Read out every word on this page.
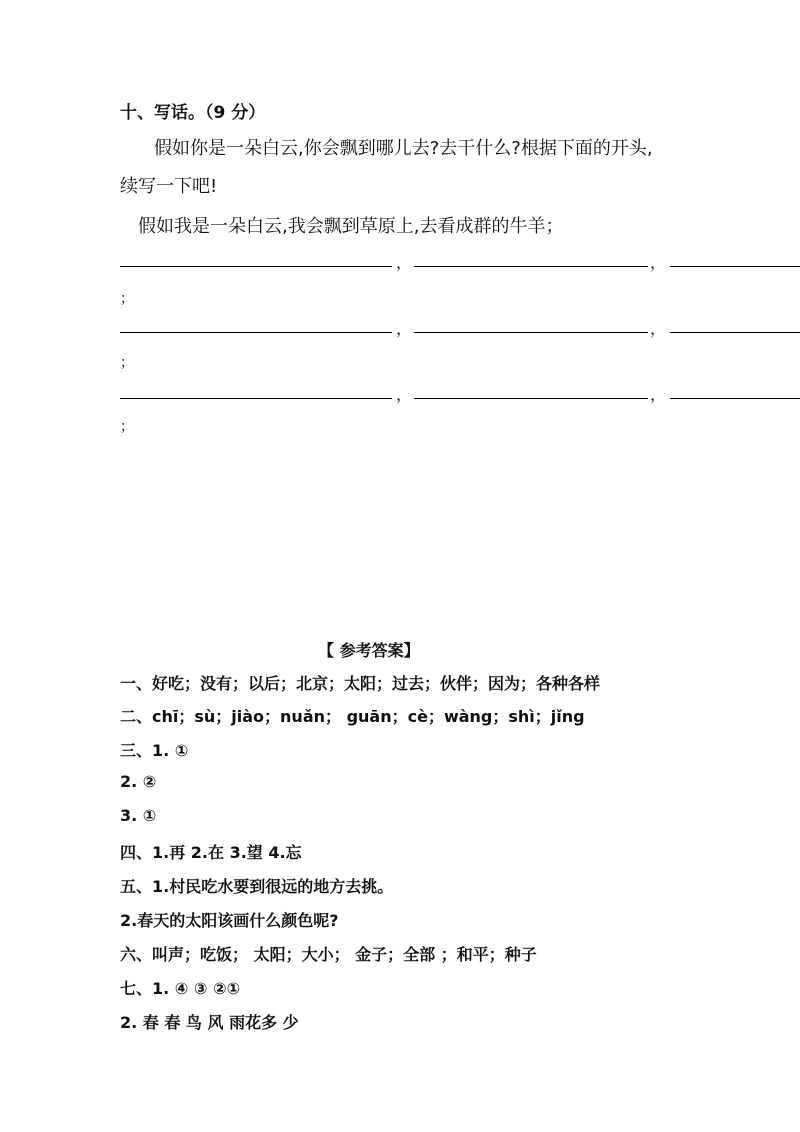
十、写话。（9 分）
假如你是一朵白云,你会飘到哪儿去?去干什么?根据下面的开头,
续写一下吧!
假如我是一朵白云,我会飘到草原上,去看成群的牛羊；
，	，
；
，	，
；
，	，
；
【 参考答案】
一、好吃；没有；以后；北京；太阳；过去；伙伴；因为；各种各样
二、chī；sù；jiào；nuǎn； guān；cè；wàng；shì；jǐng
三、1. ①
2. ②
3. ①
四、1.再 2.在 3.望 4.忘
五、1.村民吃水要到很远的地方去挑。
2.春天的太阳该画什么颜色呢?
六、叫声；吃饭； 太阳；大小； 金子；全部 ；和平；种子
七、1. ④ ③ ②①
2. 春 春 鸟 风 雨花多 少
